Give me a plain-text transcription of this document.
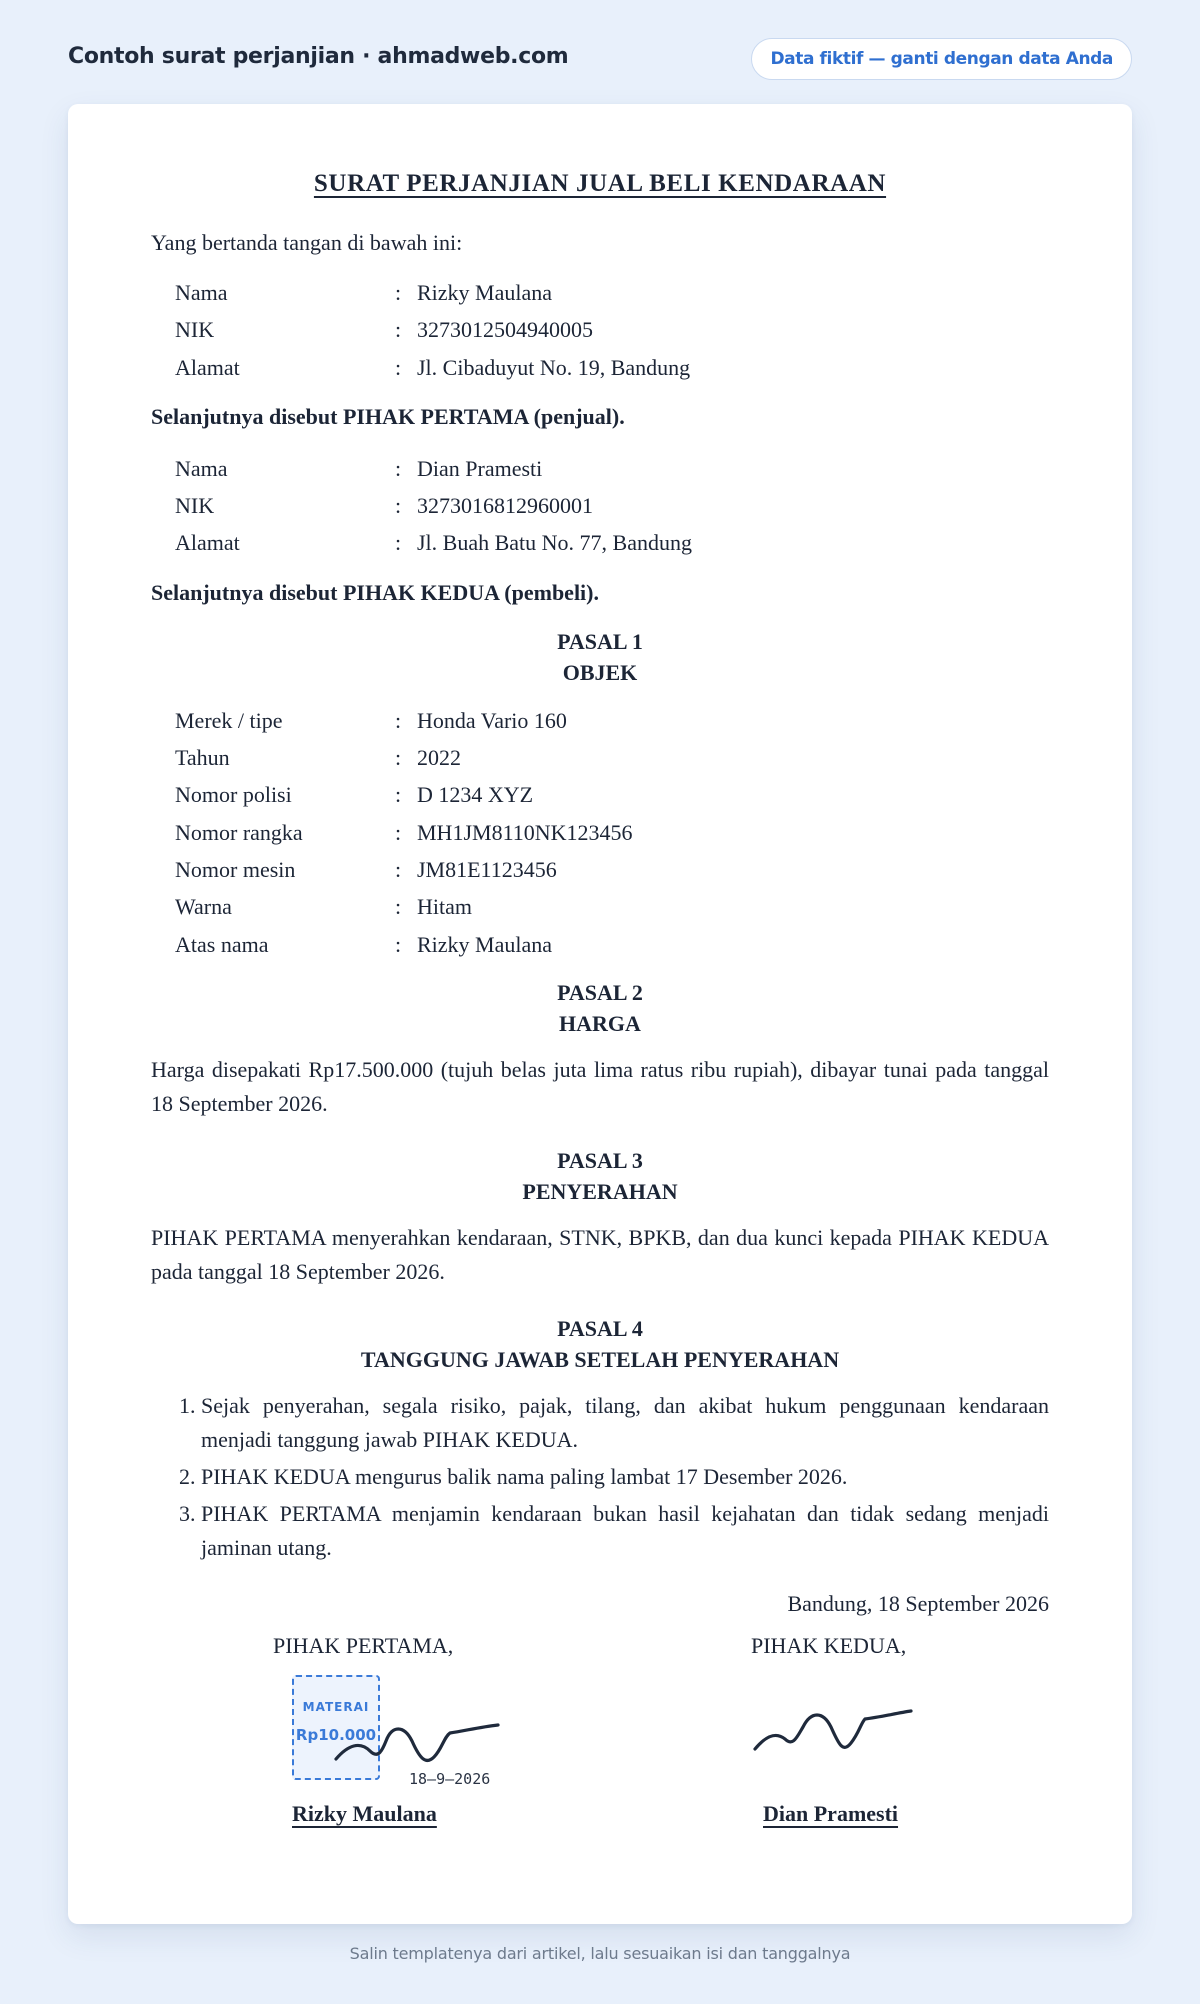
Contoh surat perjanjian · ahmadweb.com	Data fiktif — ganti dengan data Anda
SURAT PERJANJIAN JUAL BELI KENDARAAN

Yang bertanda tangan di bawah ini:

Nama	:	Rizky Maulana
NIK	:	3273012504940005
Alamat	:	Jl. Cibaduyut No. 19, Bandung

Selanjutnya disebut PIHAK PERTAMA (penjual).

Nama	:	Dian Pramesti
NIK	:	3273016812960001
Alamat	:	Jl. Buah Batu No. 77, Bandung

Selanjutnya disebut PIHAK KEDUA (pembeli).

PASAL 1
OBJEK
Merek / tipe	:	Honda Vario 160
Tahun	:	2022
Nomor polisi	:	D 1234 XYZ
Nomor rangka	:	MH1JM8110NK123456
Nomor mesin	:	JM81E1123456
Warna	:	Hitam
Atas nama	:	Rizky Maulana
PASAL 2
HARGA

Harga disepakati Rp17.500.000 (tujuh belas juta lima ratus ribu rupiah), dibayar tunai pada tanggal 18 September 2026.

PASAL 3
PENYERAHAN

PIHAK PERTAMA menyerahkan kendaraan, STNK, BPKB, dan dua kunci kepada PIHAK KEDUA pada tanggal 18 September 2026.

PASAL 4
TANGGUNG JAWAB SETELAH PENYERAHAN
1. Sejak penyerahan, segala risiko, pajak, tilang, dan akibat hukum penggunaan kendaraan menjadi tanggung jawab PIHAK KEDUA.
2. PIHAK KEDUA mengurus balik nama paling lambat 17 Desember 2026.
3. PIHAK PERTAMA menjamin kendaraan bukan hasil kejahatan dan tidak sedang menjadi jaminan utang.
Bandung, 18 September 2026
PIHAK PERTAMA,	PIHAK KEDUA,
MATERAI
Rp10.000
18–9–2026
Rizky Maulana	Dian Pramesti
Salin templatenya dari artikel, lalu sesuaikan isi dan tanggalnya
